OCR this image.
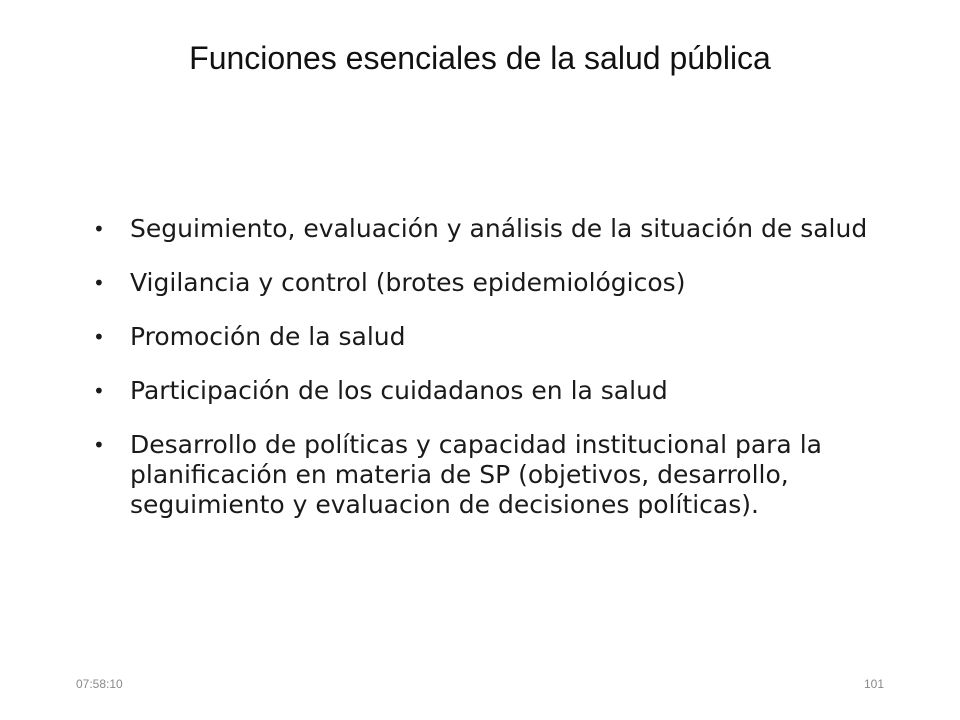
Funciones esenciales de la salud pública
• Seguimiento, evaluación y análisis de la situación de salud
• Vigilancia y control (brotes epidemiológicos)
• Promoción de la salud
• Participación de los cuidadanos en la salud
• Desarrollo de políticas y capacidad institucional para la planificación en materia de SP (objetivos, desarrollo, seguimiento y evaluacion de decisiones políticas).
07:58:10	101
